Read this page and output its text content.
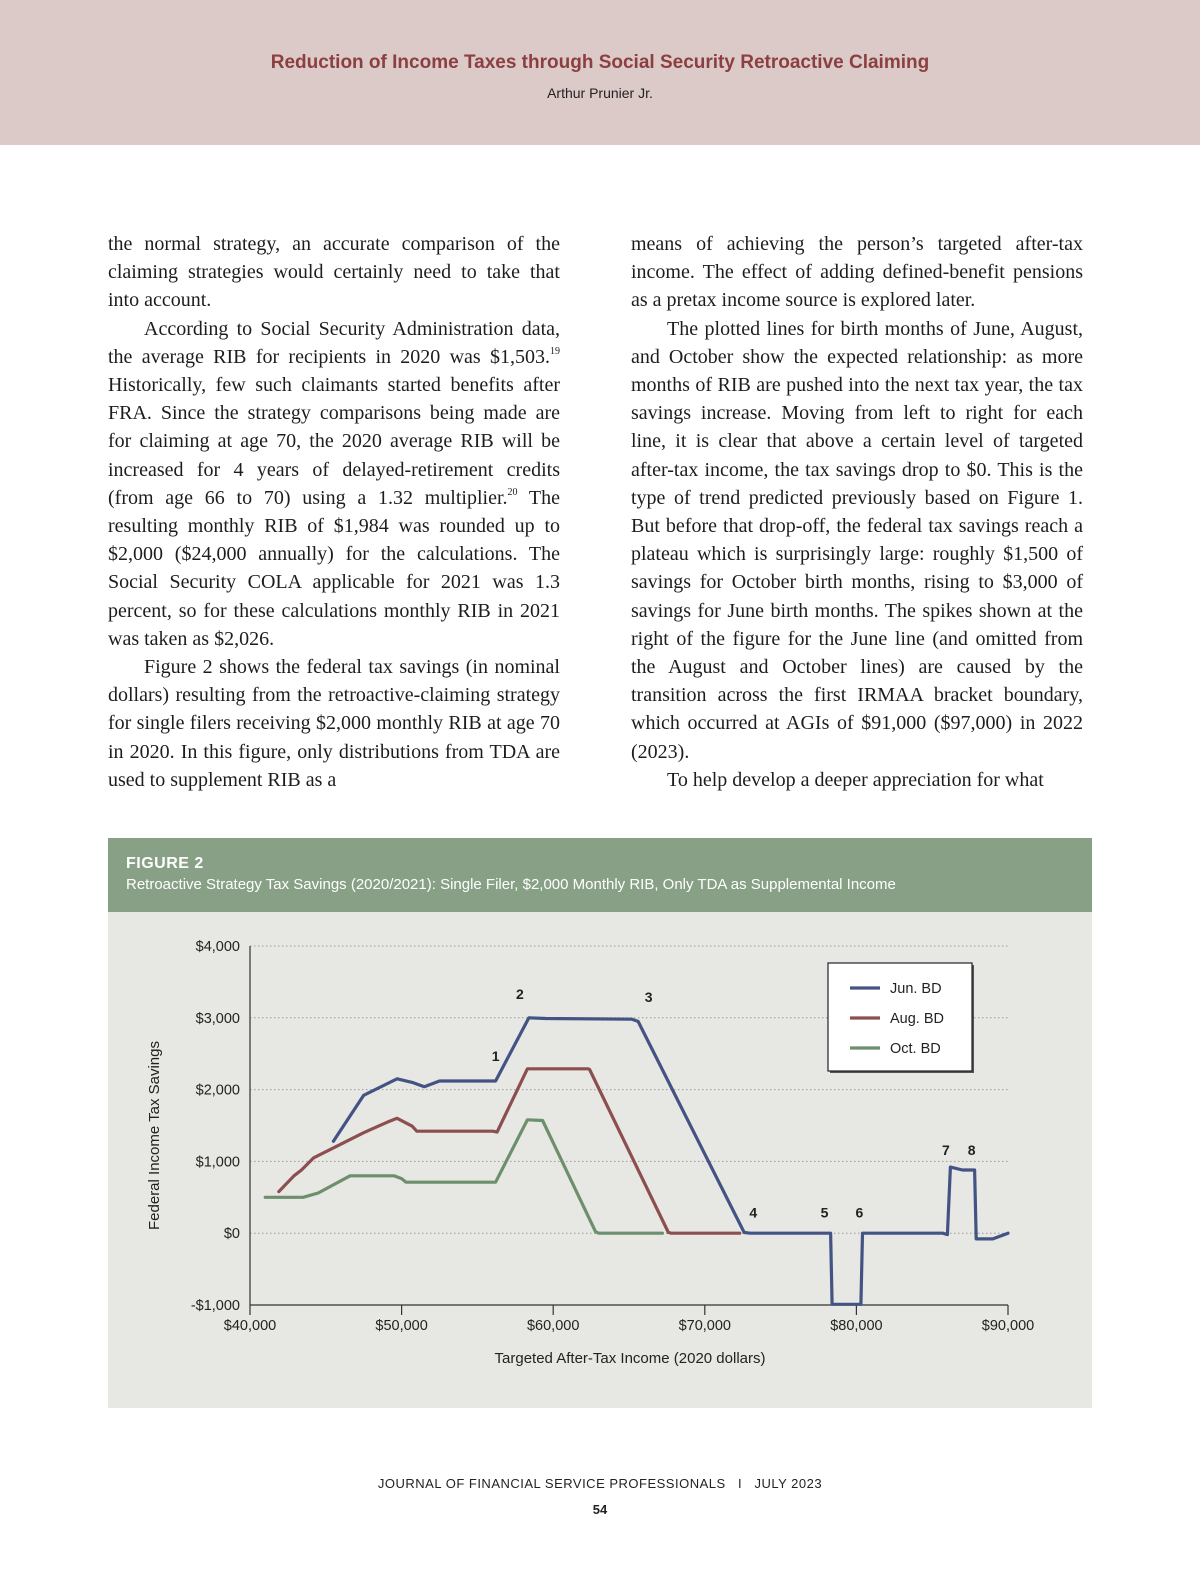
Reduction of Income Taxes through Social Security Retroactive Claiming
Arthur Prunier Jr.

the normal strategy, an accurate comparison of the claiming strategies would certainly need to take that into account.

According to Social Security Administration data, the average RIB for recipients in 2020 was $1,503.19 Historically, few such claimants started benefits after FRA. Since the strategy comparisons being made are for claiming at age 70, the 2020 average RIB will be increased for 4 years of delayed-retirement credits (from age 66 to 70) using a 1.32 multiplier.$^{20}$ The resulting monthly RIB of $1,984 was rounded up to $2,000 ($24,000 annually) for the calculations. The Social Security COLA applicable for 2021 was 1.3 percent, so for these calculations monthly RIB in 2021 was taken as $2,026.

Figure 2 shows the federal tax savings (in nominal dollars) resulting from the retroactive-claiming strategy for single filers receiving $2,000 monthly RIB at age 70 in 2020. In this figure, only distributions from TDA are used to supplement RIB as a

means of achieving the person’s targeted after-tax income. The effect of adding defined-benefit pensions as a pretax income source is explored later.

The plotted lines for birth months of June, August, and October show the expected relationship: as more months of RIB are pushed into the next tax year, the tax savings increase. Moving from left to right for each line, it is clear that above a certain level of targeted after-tax income, the tax savings drop to $0. This is the type of trend predicted previously based on Figure 1. But before that drop-off, the federal tax savings reach a plateau which is surprisingly large: roughly $1,500 of savings for October birth months, rising to $3,000 of savings for June birth months. The spikes shown at the right of the figure for the June line (and omitted from the August and October lines) are caused by the transition across the first IRMAA bracket boundary, which occurred at AGIs of $91,000 ($97,000) in 2022 (2023).

To help develop a deeper appreciation for what

FIGURE 2
Retroactive Strategy Tax Savings (2020/2021): Single Filer, $2,000 Monthly RIB, Only TDA as Supplemental Income
-$1,000
$0
$1,000
$2,000
$3,000
$4,000
$40,000	$50,000	$60,000	$70,000	$80,000	$90,000
Targeted After-Tax Income (2020 dollars)
Federal Income Tax Savings	1
2	3
4	5 6
7 8
Jun. BD
Aug. BD
Oct. BD
JOURNAL OF FINANCIAL SERVICE PROFESSIONALS   I   JULY 2023
54
